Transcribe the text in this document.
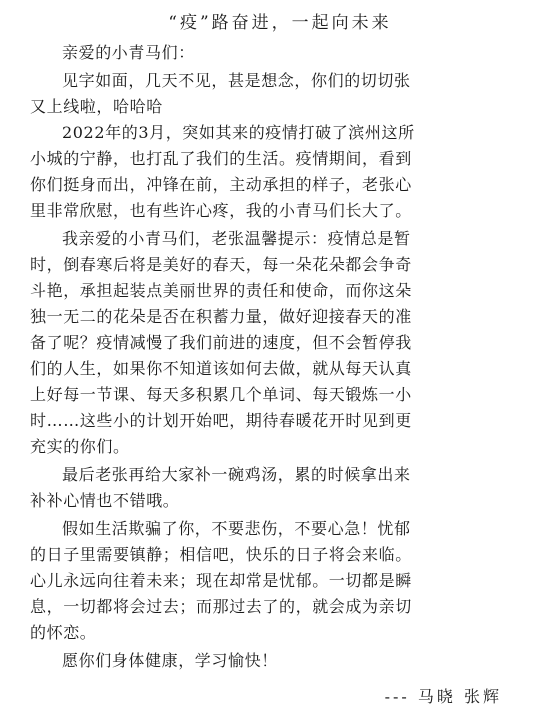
“疫”路奋进，一起向未来
亲爱的小青马们：
见字如面，几天不见，甚是想念，你们的切切张
又上线啦，哈哈哈
2022年的3月，突如其来的疫情打破了滨州这所
小城的宁静，也打乱了我们的生活。疫情期间，看到
你们挺身而出，冲锋在前，主动承担的样子，老张心
里非常欣慰，也有些许心疼，我的小青马们长大了。
我亲爱的小青马们，老张温馨提示：疫情总是暂
时，倒春寒后将是美好的春天，每一朵花朵都会争奇
斗艳，承担起装点美丽世界的责任和使命，而你这朵
独一无二的花朵是否在积蓄力量，做好迎接春天的准
备了呢？疫情减慢了我们前进的速度，但不会暂停我
们的人生，如果你不知道该如何去做，就从每天认真
上好每一节课、每天多积累几个单词、每天锻炼一小
时……这些小的计划开始吧，期待春暖花开时见到更
充实的你们。
最后老张再给大家补一碗鸡汤，累的时候拿出来
补补心情也不错哦。
假如生活欺骗了你，不要悲伤，不要心急！忧郁
的日子里需要镇静；相信吧，快乐的日子将会来临。
心儿永远向往着未来；现在却常是忧郁。一切都是瞬
息，一切都将会过去；而那过去了的，就会成为亲切
的怀恋。
愿你们身体健康，学习愉快！
--- 马晓 张辉
